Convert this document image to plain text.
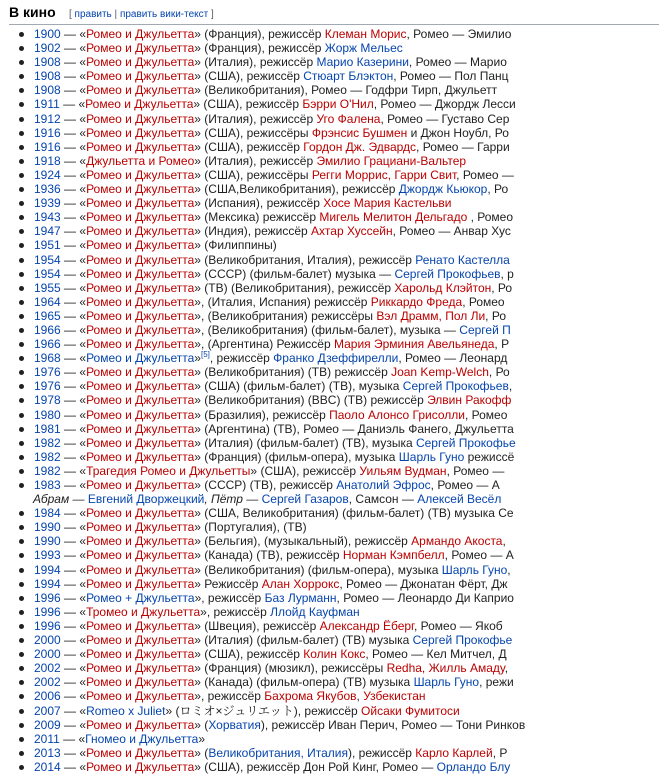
В кино [ править | править вики-текст ]
1900 — «Ромео и Джульетта» (Франция), режиссёр Клеман Морис, Ромео — Эмилио
1902 — «Ромео и Джульетта» (Франция), режиссёр Жорж Мельес
1908 — «Ромео и Джульетта» (Италия), режиссёр Марио Казерини, Ромео — Марио
1908 — «Ромео и Джульетта» (США), режиссёр Стюарт Блэктон, Ромео — Пол Панц
1908 — «Ромео и Джульетта» (Великобритания), Ромео — Годфри Тирп, Джульетт
1911 — «Ромео и Джульетта» (США), режиссёр Бэрри О'Нил, Ромео — Джордж Лесси
1912 — «Ромео и Джульетта» (Италия), режиссёр Уго Фалена, Ромео — Густаво Сер
1916 — «Ромео и Джульетта» (США), режиссёры Фрэнсис Бушмен и Джон Ноубл, Ро
1916 — «Ромео и Джульетта» (США), режиссёр Гордон Дж. Эдвардс, Ромео — Гарри
1918 — «Джульетта и Ромео» (Италия), режиссёр Эмилио Грациани-Вальтер
1924 — «Ромео и Джульетта» (США), режиссёры Регги Моррис, Гарри Свит, Ромео —
1936 — «Ромео и Джульетта» (США,Великобритания), режиссёр Джордж Кьюкор, Ро
1939 — «Ромео и Джульетта» (Испания), режиссёр Хосе Мария Кастельви
1943 — «Ромео и Джульетта» (Мексика) режиссёр Мигель Мелитон Дельгадо , Ромео
1947 — «Ромео и Джульетта» (Индия), режиссёр Ахтар Хуссейн, Ромео — Анвар Хус
1951 — «Ромео и Джульетта» (Филиппины)
1954 — «Ромео и Джульетта» (Великобритания, Италия), режиссёр Ренато Кастелла
1954 — «Ромео и Джульетта» (СССР) (фильм-балет) музыка — Сергей Прокофьев, р
1955 — «Ромео и Джульетта» (ТВ) (Великобритания), режиссёр Харольд Клэйтон, Ро
1964 — «Ромео и Джульетта», (Италия, Испания) режиссёр Риккардо Фреда, Ромео
1965 — «Ромео и Джульетта», (Великобритания) режиссёры Вэл Драмм, Пол Ли, Ро
1966 — «Ромео и Джульетта», (Великобритания) (фильм-балет), музыка — Сергей П
1966 — «Ромео и Джульетта», (Аргентина) Режиссёр Мария Эрминия Авельянеда, Р
1968 — «Ромео и Джульетта»[5], режиссёр Франко Дзеффирелли, Ромео — Леонард
1976 — «Ромео и Джульетта» (Великобритания) (ТВ) режиссёр Joan Kemp-Welch, Ро
1976 — «Ромео и Джульетта» (США) (фильм-балет) (ТВ), музыка Сергей Прокофьев,
1978 — «Ромео и Джульетта» (Великобритания) (BBC) (ТВ) режиссёр Элвин Ракофф
1980 — «Ромео и Джульетта» (Бразилия), режиссёр Паоло Алонсо Грисолли, Ромео
1981 — «Ромео и Джульетта» (Аргентина) (ТВ), Ромео — Даниэль Фанего, Джульетта
1982 — «Ромео и Джульетта» (Италия) (фильм-балет) (ТВ), музыка Сергей Прокофье
1982 — «Ромео и Джульетта» (Франция) (фильм-опера), музыка Шарль Гуно режиссё
1982 — «Трагедия Ромео и Джульетты» (США), режиссёр Уильям Вудман, Ромео —
1983 — «Ромео и Джульетта» (СССР) (ТВ), режиссёр Анатолий Эфрос, Ромео — А
Абрам — Евгений Дворжецкий, Пётр — Сергей Газаров, Самсон — Алексей Весёл
1984 — «Ромео и Джульетта» (США, Великобритания) (фильм-балет) (ТВ) музыка Се
1990 — «Ромео и Джульетта» (Португалия), (ТВ)
1990 — «Ромео и Джульетта» (Бельгия), (музыкальный), режиссёр Армандо Акоста,
1993 — «Ромео и Джульетта» (Канада) (ТВ), режиссёр Норман Кэмпбелл, Ромео — А
1994 — «Ромео и Джульетта» (Великобритания) (фильм-опера), музыка Шарль Гуно,
1994 — «Ромео и Джульетта» Режиссёр Алан Хоррокс, Ромео — Джонатан Фёрт, Дж
1996 — «Ромео + Джульетта», режиссёр Баз Лурманн, Ромео — Леонардо Ди Каприо
1996 — «Тромео и Джульетта», режиссёр Ллойд Кауфман
1996 — «Ромео и Джульетта» (Швеция), режиссёр Александр Ёберг, Ромео — Якоб
2000 — «Ромео и Джульетта» (Италия) (фильм-балет) (ТВ) музыка Сергей Прокофье
2000 — «Ромео и Джульетта» (США), режиссёр Колин Кокс, Ромео — Кел Митчел, Д
2002 — «Ромео и Джульетта» (Франция) (мюзикл), режиссёры Redha, Жилль Амаду,
2002 — «Ромео и Джульетта» (Канада) (фильм-опера) (ТВ) музыка Шарль Гуно, режи
2006 — «Ромео и Джульетта», режиссёр Бахромa Якубов, Узбекистан
2007 — «Romeo x Juliet» (ロミオ×ジュリエット), режиссёр Ойсаки Фумитоси
2009 — «Ромео и Джульетта» (Хорватия), режиссёр Иван Перич, Ромео — Тони Ринков
2011 — «Гномео и Джульетта»
2013 — «Ромео и Джульетта» (Великобритания, Италия), режиссёр Карло Карлей, Р
2014 — «Ромео и Джульетта» (США), режиссёр Дон Рой Кинг, Ромео — Орландо Блу
